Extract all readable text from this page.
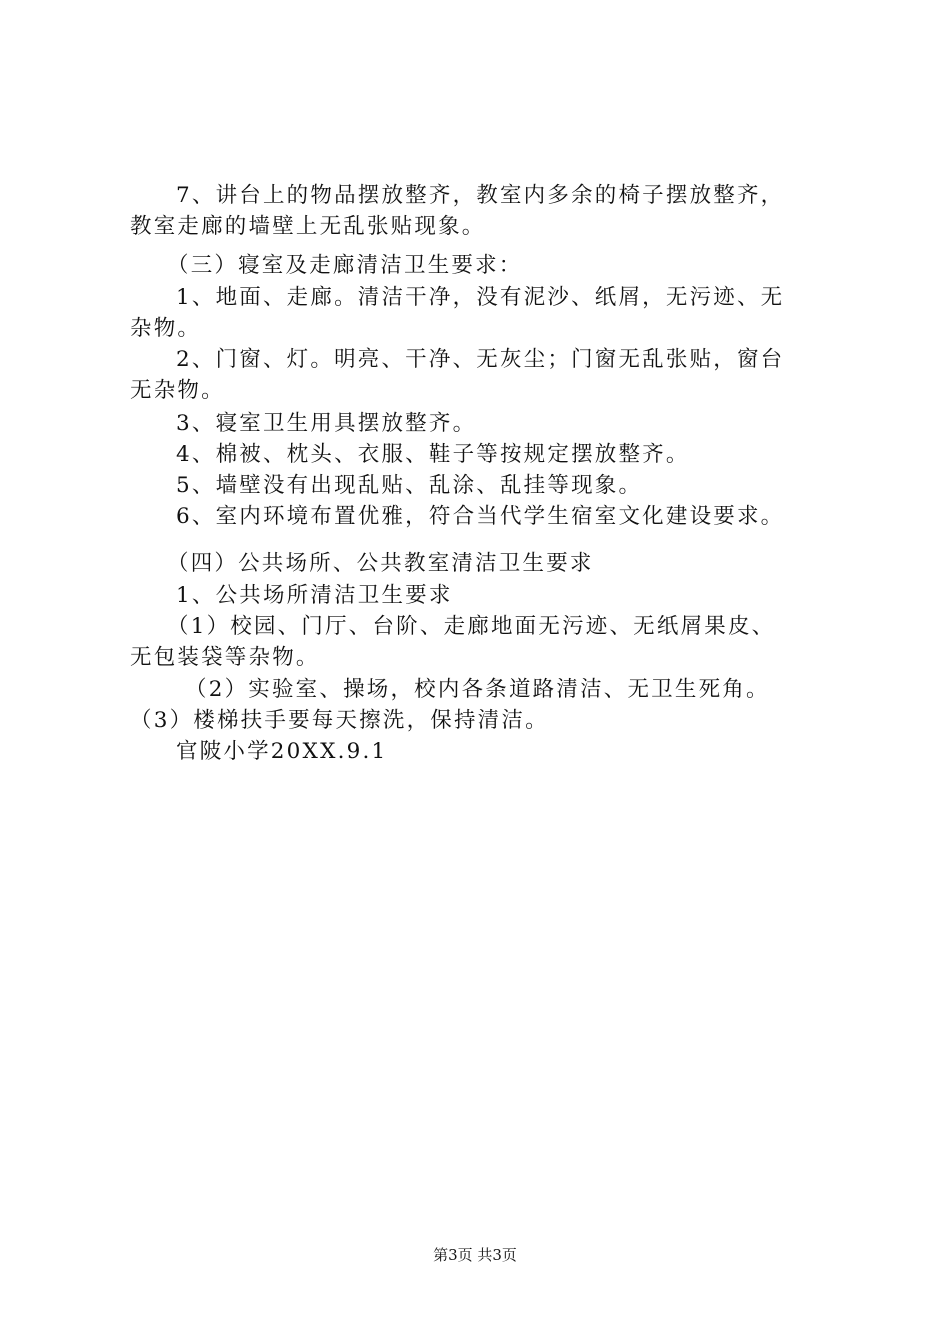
7、讲台上的物品摆放整齐，教室内多余的椅子摆放整齐，
教室走廊的墙壁上无乱张贴现象。
（三）寝室及走廊清洁卫生要求：
1、地面、走廊。清洁干净，没有泥沙、纸屑，无污迹、无
杂物。
2、门窗、灯。明亮、干净、无灰尘；门窗无乱张贴，窗台
无杂物。
3、寝室卫生用具摆放整齐。
4、棉被、枕头、衣服、鞋子等按规定摆放整齐。
5、墙壁没有出现乱贴、乱涂、乱挂等现象。
6、室内环境布置优雅，符合当代学生宿室文化建设要求。
（四）公共场所、公共教室清洁卫生要求
1、公共场所清洁卫生要求
（1）校园、门厅、台阶、走廊地面无污迹、无纸屑果皮、
无包装袋等杂物。
（2）实验室、操场，校内各条道路清洁、无卫生死角。
（3）楼梯扶手要每天擦洗，保持清洁。
官陂小学20XX.9.1
第3页 共3页
